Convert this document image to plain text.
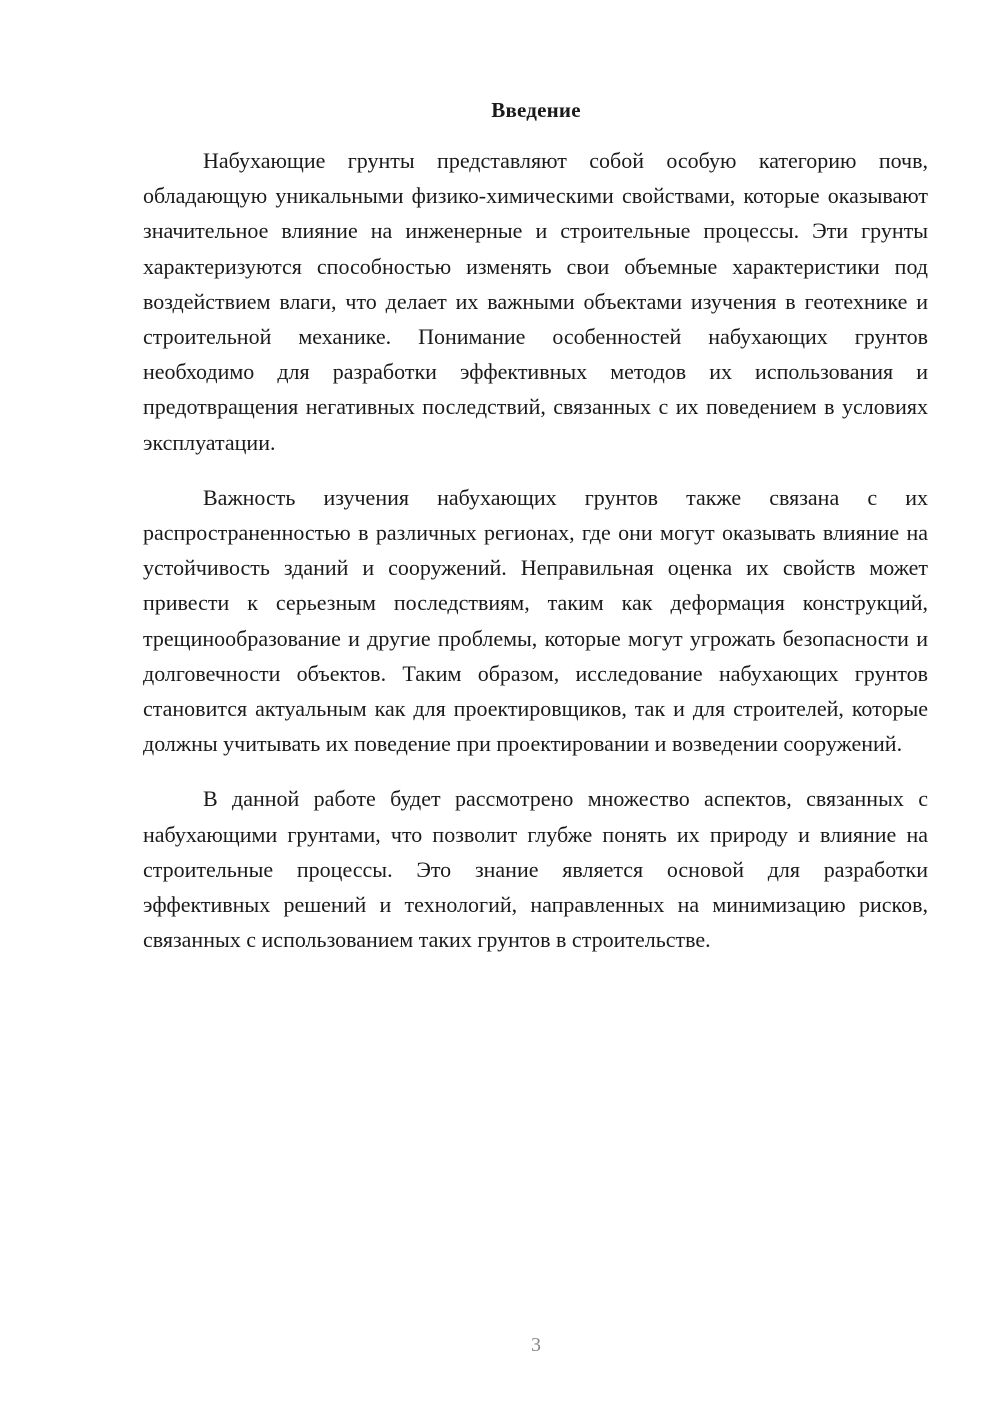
Введение

Набухающие грунты представляют собой особую категорию почв, обладающую уникальными физико-химическими свойствами, которые оказывают значительное влияние на инженерные и строительные процессы. Эти грунты характеризуются способностью изменять свои объемные характеристики под воздействием влаги, что делает их важными объектами изучения в геотехнике и строительной механике. Понимание особенностей набухающих грунтов необходимо для разработки эффективных методов их использования и предотвращения негативных последствий, связанных с их поведением в условиях эксплуатации.

Важность изучения набухающих грунтов также связана с их распространенностью в различных регионах, где они могут оказывать влияние на устойчивость зданий и сооружений. Неправильная оценка их свойств может привести к серьезным последствиям, таким как деформация конструкций, трещинообразование и другие проблемы, которые могут угрожать безопасности и долговечности объектов. Таким образом, исследование набухающих грунтов становится актуальным как для проектировщиков, так и для строителей, которые должны учитывать их поведение при проектировании и возведении сооружений.

В данной работе будет рассмотрено множество аспектов, связанных с набухающими грунтами, что позволит глубже понять их природу и влияние на строительные процессы. Это знание является основой для разработки эффективных решений и технологий, направленных на минимизацию рисков, связанных с использованием таких грунтов в строительстве.

3
